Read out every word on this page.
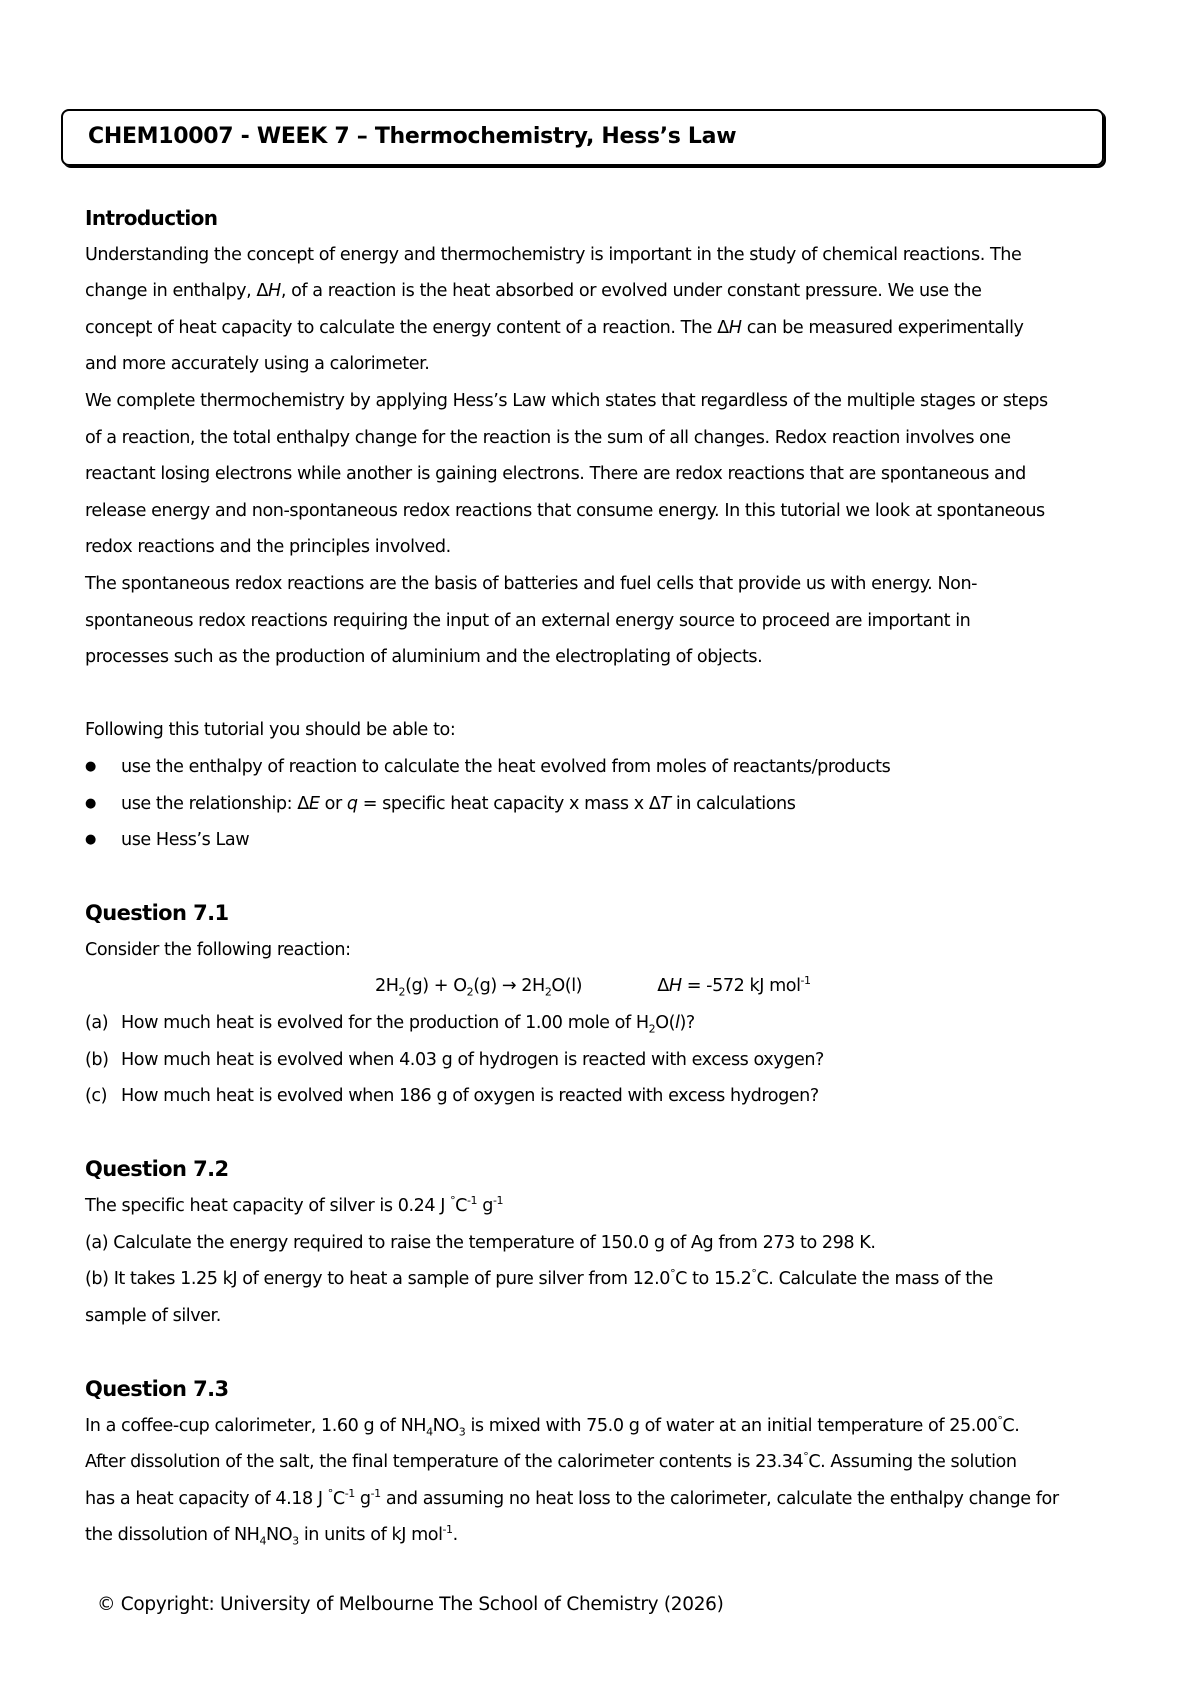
CHEM10007 - WEEK 7 – Thermochemistry, Hess’s Law
Introduction
Understanding the concept of energy and thermochemistry is important in the study of chemical reactions. The
change in enthalpy, ΔH, of a reaction is the heat absorbed or evolved under constant pressure. We use the
concept of heat capacity to calculate the energy content of a reaction. The ΔH can be measured experimentally
and more accurately using a calorimeter.
We complete thermochemistry by applying Hess’s Law which states that regardless of the multiple stages or steps
of a reaction, the total enthalpy change for the reaction is the sum of all changes. Redox reaction involves one
reactant losing electrons while another is gaining electrons. There are redox reactions that are spontaneous and
release energy and non-spontaneous redox reactions that consume energy. In this tutorial we look at spontaneous
redox reactions and the principles involved.
The spontaneous redox reactions are the basis of batteries and fuel cells that provide us with energy. Non-
spontaneous redox reactions requiring the input of an external energy source to proceed are important in
processes such as the production of aluminium and the electroplating of objects.
Following this tutorial you should be able to:
● use the enthalpy of reaction to calculate the heat evolved from moles of reactants/products
● use the relationship: ΔE or q = specific heat capacity x mass x ΔT in calculations
● use Hess’s Law
Question 7.1
Consider the following reaction:
$2H_2(g) + O_2(g) \to 2H_2O(l)$	ΔH = -572 kJ mol$^{-1}$
(a) How much heat is evolved for the production of 1.00 mole of $H_2O(l)$?
(b) How much heat is evolved when 4.03 g of hydrogen is reacted with excess oxygen?
(c) How much heat is evolved when 186 g of oxygen is reacted with excess hydrogen?
Question 7.2
The specific heat capacity of silver is 0.24 J $^\circ C^{-1}$ $g^{-1}$
(a) Calculate the energy required to raise the temperature of 150.0 g of Ag from 273 to 298 K.
(b) It takes 1.25 kJ of energy to heat a sample of pure silver from 12.0°C to 15.2°C. Calculate the mass of the
sample of silver.
Question 7.3
In a coffee-cup calorimeter, 1.60 g of $NH_4NO_3$ is mixed with 75.0 g of water at an initial temperature of 25.00°C.
After dissolution of the salt, the final temperature of the calorimeter contents is 23.34°C. Assuming the solution
has a heat capacity of 4.18 J $^\circ C^{-1}$ $g^{-1}$ and assuming no heat loss to the calorimeter, calculate the enthalpy change for
the dissolution of $NH_4NO_3$ in units of kJ mol$^{-1}$.
© Copyright: University of Melbourne The School of Chemistry (2026)
